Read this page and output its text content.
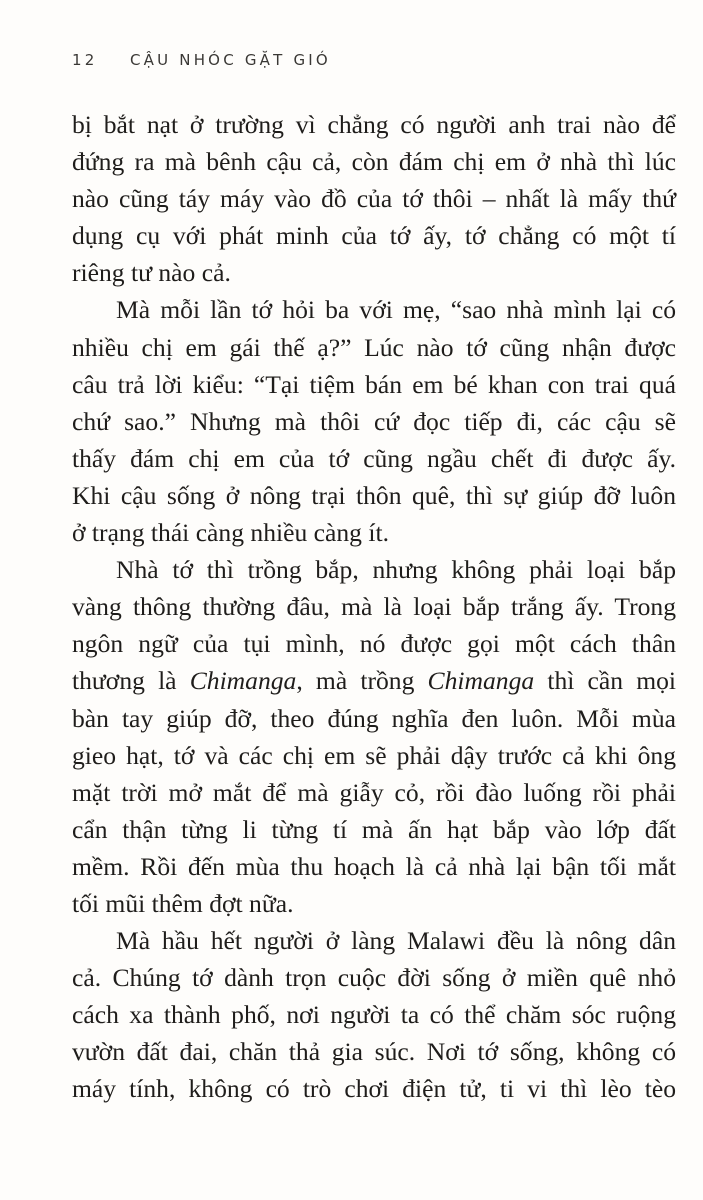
12 CẬU NHÓC GẶT GIÓ
bị bắt nạt ở trường vì chẳng có người anh trai nào để
đứng ra mà bênh cậu cả, còn đám chị em ở nhà thì lúc
nào cũng táy máy vào đồ của tớ thôi – nhất là mấy thứ
dụng cụ với phát minh của tớ ấy, tớ chẳng có một tí
riêng tư nào cả.
Mà mỗi lần tớ hỏi ba với mẹ, “sao nhà mình lại có
nhiều chị em gái thế ạ?” Lúc nào tớ cũng nhận được
câu trả lời kiểu: “Tại tiệm bán em bé khan con trai quá
chứ sao.” Nhưng mà thôi cứ đọc tiếp đi, các cậu sẽ
thấy đám chị em của tớ cũng ngầu chết đi được ấy.
Khi cậu sống ở nông trại thôn quê, thì sự giúp đỡ luôn
ở trạng thái càng nhiều càng ít.
Nhà tớ thì trồng bắp, nhưng không phải loại bắp
vàng thông thường đâu, mà là loại bắp trắng ấy. Trong
ngôn ngữ của tụi mình, nó được gọi một cách thân
thương là Chimanga, mà trồng Chimanga thì cần mọi
bàn tay giúp đỡ, theo đúng nghĩa đen luôn. Mỗi mùa
gieo hạt, tớ và các chị em sẽ phải dậy trước cả khi ông
mặt trời mở mắt để mà giẫy cỏ, rồi đào luống rồi phải
cẩn thận từng li từng tí mà ấn hạt bắp vào lớp đất
mềm. Rồi đến mùa thu hoạch là cả nhà lại bận tối mắt
tối mũi thêm đợt nữa.
Mà hầu hết người ở làng Malawi đều là nông dân
cả. Chúng tớ dành trọn cuộc đời sống ở miền quê nhỏ
cách xa thành phố, nơi người ta có thể chăm sóc ruộng
vườn đất đai, chăn thả gia súc. Nơi tớ sống, không có
máy tính, không có trò chơi điện tử, ti vi thì lèo tèo
